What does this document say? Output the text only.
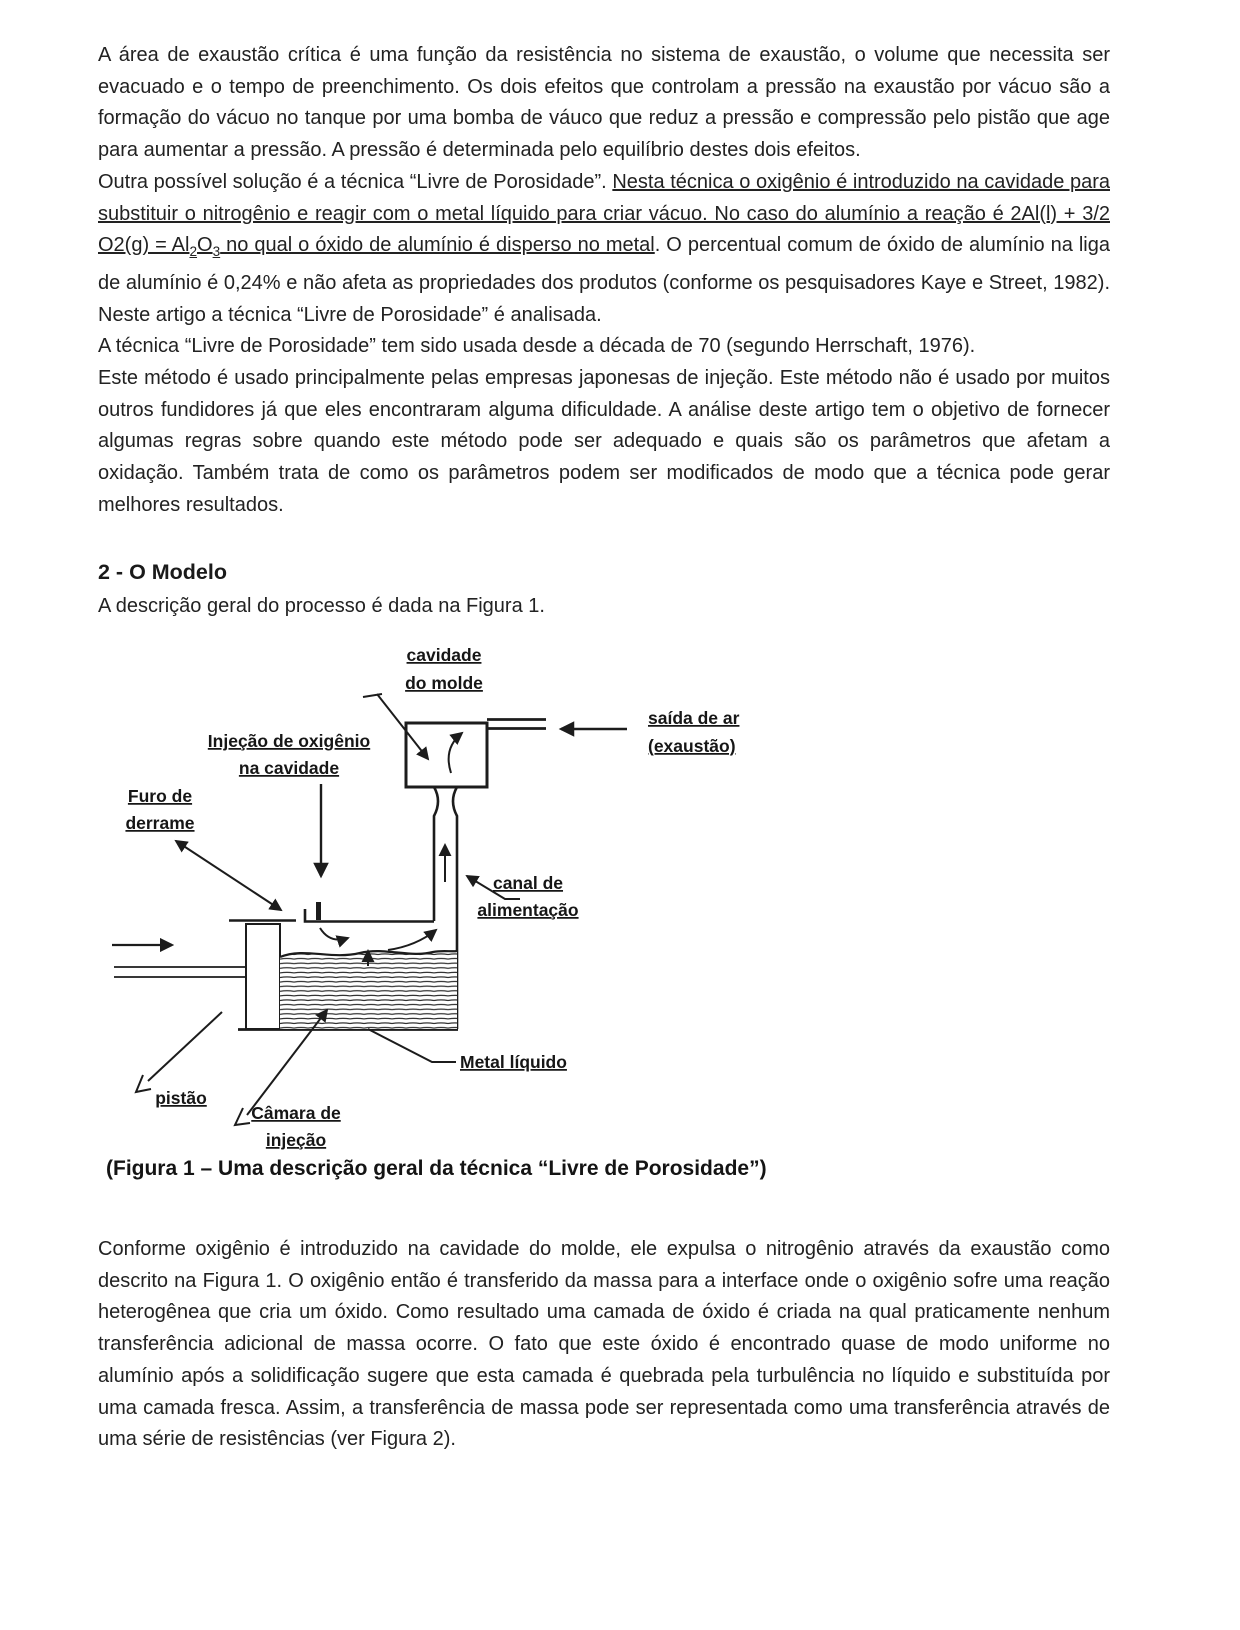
A área de exaustão crítica é uma função da resistência no sistema de exaustão, o volume que necessita ser evacuado e o tempo de preenchimento. Os dois efeitos que controlam a pressão na exaustão por vácuo são a formação do vácuo no tanque por uma bomba de váuco que reduz a pressão e compressão pelo pistão que age para aumentar a pressão. A pressão é determinada pelo equilíbrio destes dois efeitos.

Outra possível solução é a técnica “Livre de Porosidade”. Nesta técnica o oxigênio é introduzido na cavidade para substituir o nitrogênio e reagir com o metal líquido para criar vácuo. No caso do alumínio a reação é 2Al(l) + 3/2 $O2(g) = Al_2O_3$ no qual o óxido de alumínio é disperso no metal. O percentual comum de óxido de alumínio na liga de alumínio é 0,24% e não afeta as propriedades dos produtos (conforme os pesquisadores Kaye e Street, 1982). Neste artigo a técnica “Livre de Porosidade” é analisada.

A técnica “Livre de Porosidade” tem sido usada desde a década de 70 (segundo Herrschaft, 1976).

Este método é usado principalmente pelas empresas japonesas de injeção. Este método não é usado por muitos outros fundidores já que eles encontraram alguma dificuldade. A análise deste artigo tem o objetivo de fornecer algumas regras sobre quando este método pode ser adequado e quais são os parâmetros que afetam a oxidação. Também trata de como os parâmetros podem ser modificados de modo que a técnica pode gerar melhores resultados.

2 - O Modelo
A descrição geral do processo é dada na Figura 1.
cavidade
do molde
saída de ar
(exaustão)
Injeção de oxigênio
na cavidade
Furo de
derrame
canal de
alimentação
Metal líquido
pistão
Câmara de
injeção
(Figura 1 – Uma descrição geral da técnica “Livre de Porosidade”)

Conforme oxigênio é introduzido na cavidade do molde, ele expulsa o nitrogênio através da exaustão como descrito na Figura 1. O oxigênio então é transferido da massa para a interface onde o oxigênio sofre uma reação heterogênea que cria um óxido. Como resultado uma camada de óxido é criada na qual praticamente nenhum transferência adicional de massa ocorre. O fato que este óxido é encontrado quase de modo uniforme no alumínio após a solidificação sugere que esta camada é quebrada pela turbulência no líquido e substituída por uma camada fresca. Assim, a transferência de massa pode ser representada como uma transferência através de uma série de resistências (ver Figura 2).
